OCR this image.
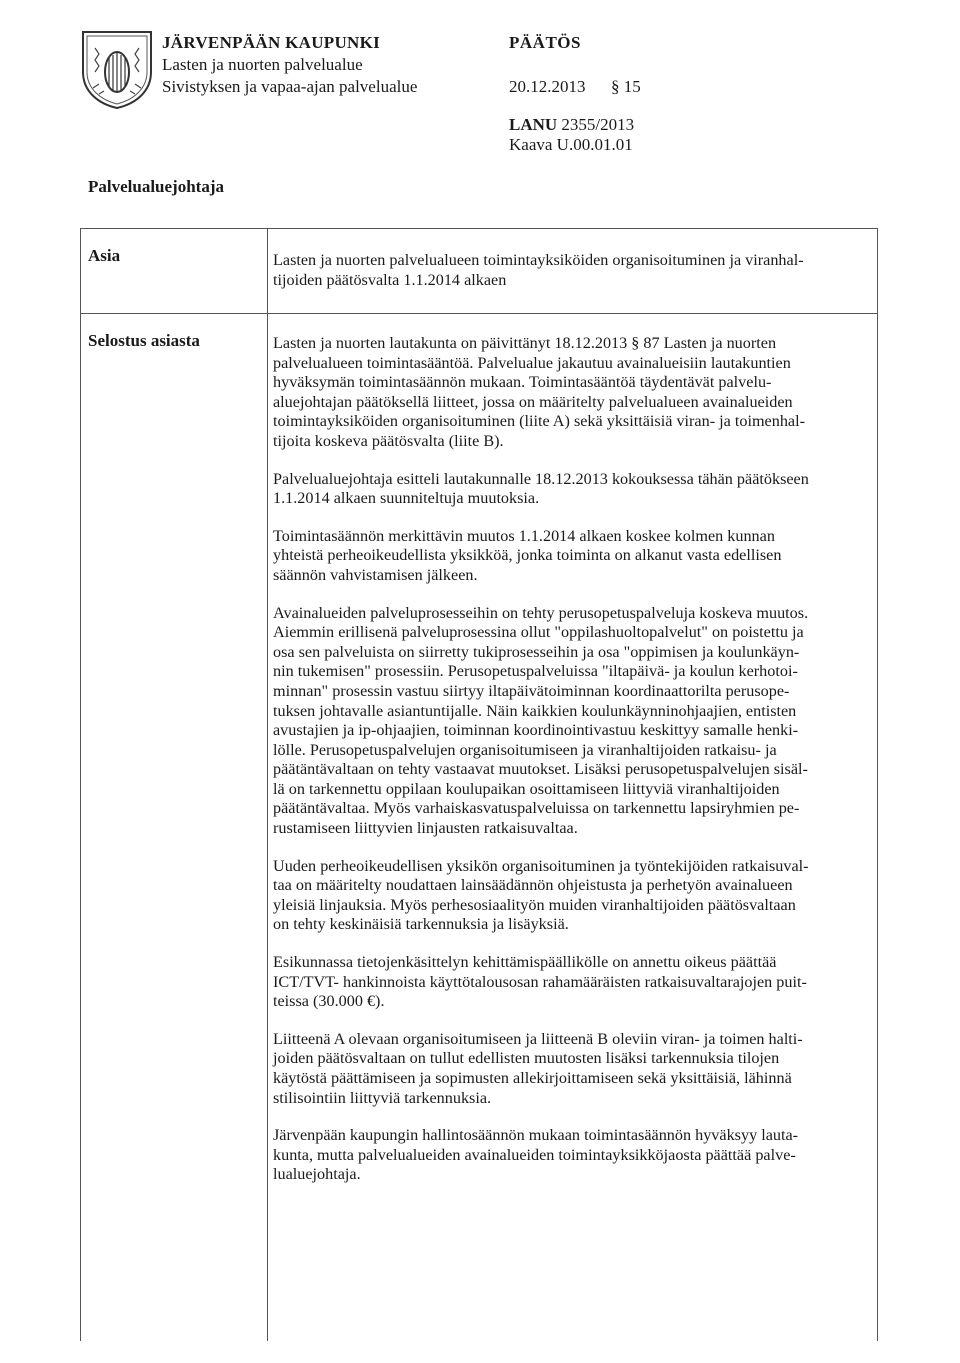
JÄRVENPÄÄN KAUPUNKI
Lasten ja nuorten palvelualue
Sivistyksen ja vapaa-ajan palvelualue
PÄÄTÖS
20.12.2013	§ 15
LANU 2355/2013
Kaava U.00.01.01
Palvelualuejohtaja
Asia	Lasten ja nuorten palvelualueen toimintayksiköiden organisoituminen ja viranhal-
tijoiden päätösvalta 1.1.2014 alkaen
Selostus asiasta	Lasten ja nuorten lautakunta on päivittänyt 18.12.2013 § 87 Lasten ja nuorten
palvelualueen toimintasääntöä. Palvelualue jakautuu avainalueisiin lautakuntien
hyväksymän toimintasäännön mukaan. Toimintasääntöä täydentävät palvelu-
aluejohtajan päätöksellä liitteet, jossa on määritelty palvelualueen avainalueiden
toimintayksiköiden organisoituminen (liite A) sekä yksittäisiä viran- ja toimenhal-
tijoita koskeva päätösvalta (liite B).

Palvelualuejohtaja esitteli lautakunnalle 18.12.2013 kokouksessa tähän päätökseen
1.1.2014 alkaen suunniteltuja muutoksia.

Toimintasäännön merkittävin muutos 1.1.2014 alkaen koskee kolmen kunnan
yhteistä perheoikeudellista yksikköä, jonka toiminta on alkanut vasta edellisen
säännön vahvistamisen jälkeen.

Avainalueiden palveluprosesseihin on tehty perusopetuspalveluja koskeva muutos.
Aiemmin erillisenä palveluprosessina ollut "oppilashuoltopalvelut" on poistettu ja
osa sen palveluista on siirretty tukiprosesseihin ja osa "oppimisen ja koulunkäyn-
nin tukemisen" prosessiin. Perusopetuspalveluissa "iltapäivä- ja koulun kerhotoi-
minnan" prosessin vastuu siirtyy iltapäivätoiminnan koordinaattorilta perusope-
tuksen johtavalle asiantuntijalle. Näin kaikkien koulunkäynninohjaajien, entisten
avustajien ja ip-ohjaajien, toiminnan koordinointivastuu keskittyy samalle henki-
lölle. Perusopetuspalvelujen organisoitumiseen ja viranhaltijoiden ratkaisu- ja
päätäntävaltaan on tehty vastaavat muutokset. Lisäksi perusopetuspalvelujen sisäl-
lä on tarkennettu oppilaan koulupaikan osoittamiseen liittyviä viranhaltijoiden
päätäntävaltaa. Myös varhaiskasvatuspalveluissa on tarkennettu lapsiryhmien pe-
rustamiseen liittyvien linjausten ratkaisuvaltaa.

Uuden perheoikeudellisen yksikön organisoituminen ja työntekijöiden ratkaisuval-
taa on määritelty noudattaen lainsäädännön ohjeistusta ja perhetyön avainalueen
yleisiä linjauksia. Myös perhesosiaalityön muiden viranhaltijoiden päätösvaltaan
on tehty keskinäisiä tarkennuksia ja lisäyksiä.

Esikunnassa tietojenkäsittelyn kehittämispäällikölle on annettu oikeus päättää
ICT/TVT- hankinnoista käyttötalousosan rahamääräisten ratkaisuvaltarajojen puit-
teissa (30.000 €).

Liitteenä A olevaan organisoitumiseen ja liitteenä B oleviin viran- ja toimen halti-
joiden päätösvaltaan on tullut edellisten muutosten lisäksi tarkennuksia tilojen
käytöstä päättämiseen ja sopimusten allekirjoittamiseen sekä yksittäisiä, lähinnä
stilisointiin liittyviä tarkennuksia.

Järvenpään kaupungin hallintosäännön mukaan toimintasäännön hyväksyy lauta-
kunta, mutta palvelualueiden avainalueiden toimintayksikköjaosta päättää palve-
lualuejohtaja.
